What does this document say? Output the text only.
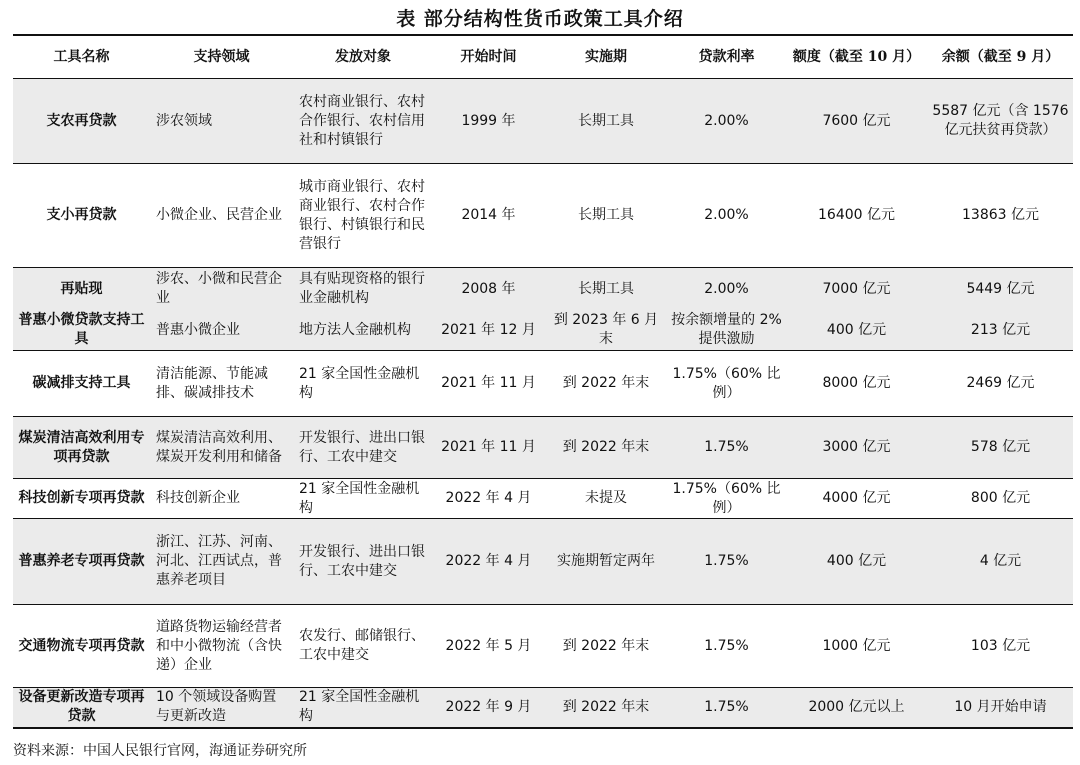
表 部分结构性货币政策工具介绍
工具名称	支持领域	发放对象	开始时间	实施期	贷款利率	额度（截至 10 月）	余额（截至 9 月）
支农再贷款	涉农领域	农村商业银行、农村合作银行、农村信用社和村镇银行	1999 年	长期工具	2.00%	7600 亿元	5587 亿元（含 1576 亿元扶贫再贷款）
支小再贷款	小微企业、民营企业	城市商业银行、农村商业银行、农村合作银行、村镇银行和民营银行	2014 年	长期工具	2.00%	16400 亿元	13863 亿元
再贴现	涉农、小微和民营企业	具有贴现资格的银行业金融机构	2008 年	长期工具	2.00%	7000 亿元	5449 亿元
普惠小微贷款支持工具	普惠小微企业	地方法人金融机构	2021 年 12 月	到 2023 年 6 月末	按余额增量的 2%提供激励	400 亿元	213 亿元
碳减排支持工具	清洁能源、节能减排、碳减排技术	21 家全国性金融机构	2021 年 11 月	到 2022 年末	1.75%（60% 比例）	8000 亿元	2469 亿元
煤炭清洁高效利用专项再贷款	煤炭清洁高效利用、煤炭开发利用和储备	开发银行、进出口银行、工农中建交	2021 年 11 月	到 2022 年末	1.75%	3000 亿元	578 亿元
科技创新专项再贷款	科技创新企业	21 家全国性金融机构	2022 年 4 月	未提及	1.75%（60% 比例）	4000 亿元	800 亿元
普惠养老专项再贷款	浙江、江苏、河南、河北、江西试点，普惠养老项目	开发银行、进出口银行、工农中建交	2022 年 4 月	实施期暂定两年	1.75%	400 亿元	4 亿元
交通物流专项再贷款	道路货物运输经营者和中小微物流（含快递）企业	农发行、邮储银行、工农中建交	2022 年 5 月	到 2022 年末	1.75%	1000 亿元	103 亿元
设备更新改造专项再贷款	10 个领域设备购置与更新改造	21 家全国性金融机构	2022 年 9 月	到 2022 年末	1.75%	2000 亿元以上	10 月开始申请
资料来源：中国人民银行官网，海通证券研究所
